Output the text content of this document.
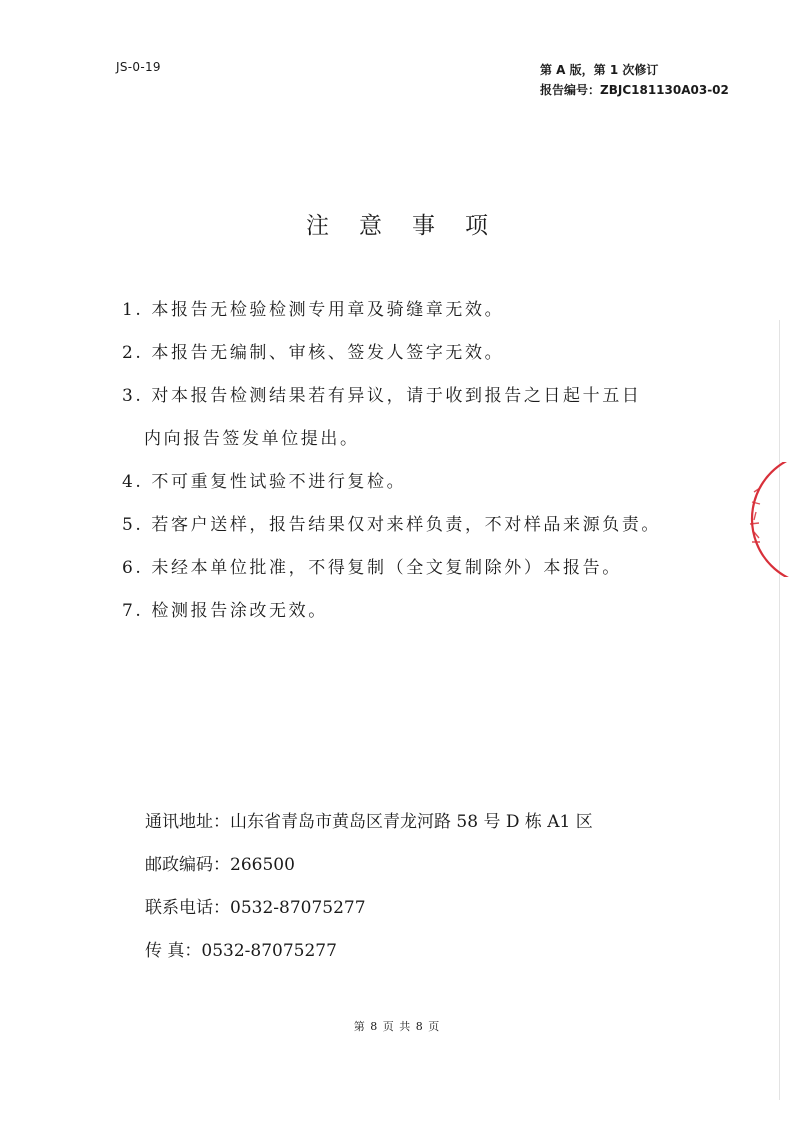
JS-0-19	第 A 版，第 1 次修订
报告编号：ZBJC181130A03-02
注意事项
1. 本报告无检验检测专用章及骑缝章无效。
2. 本报告无编制、审核、签发人签字无效。
3. 对本报告检测结果若有异议，请于收到报告之日起十五日
内向报告签发单位提出。
4. 不可重复性试验不进行复检。
5. 若客户送样，报告结果仅对来样负责，不对样品来源负责。
6. 未经本单位批准，不得复制（全文复制除外）本报告。
7. 检测报告涂改无效。
通讯地址：山东省青岛市黄岛区青龙河路 58 号 D 栋 A1 区
邮政编码：266500
联系电话：0532-87075277
传 真：0532-87075277
第 8 页 共 8 页
